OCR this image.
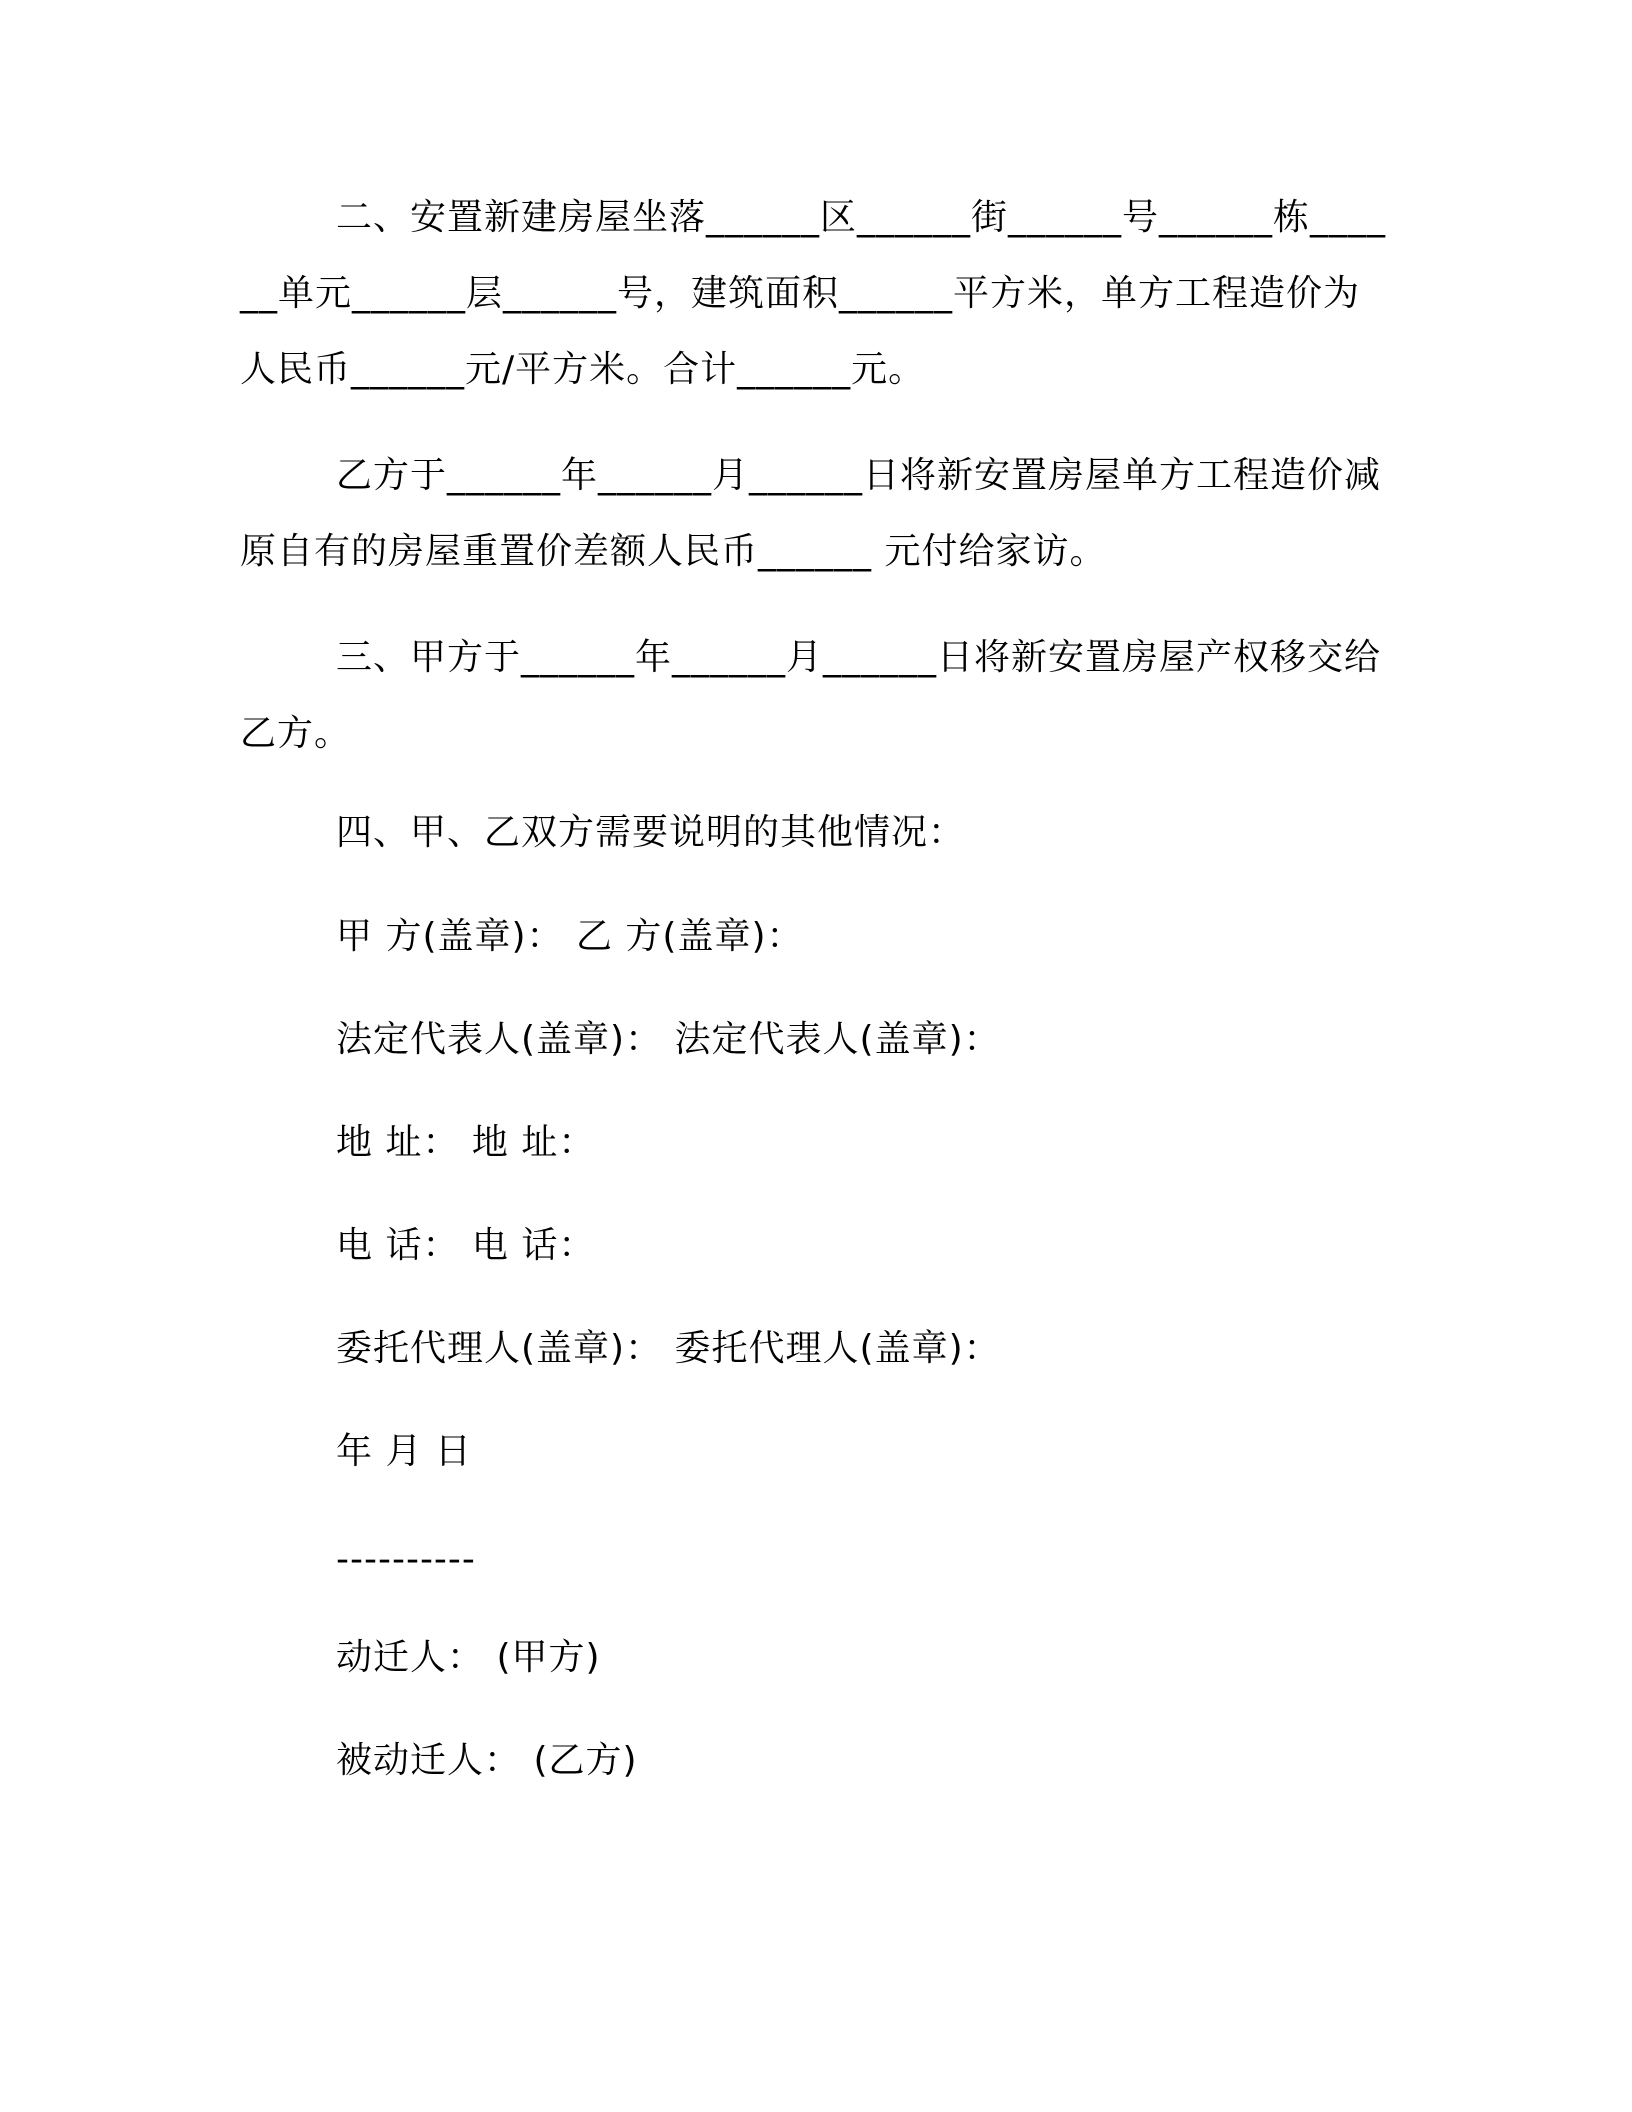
二、安置新建房屋坐落______区______街______号______栋______单元______层______号，建筑面积______平方米，单方工程造价为人民币______元/平方米。合计______元。

乙方于______年______月______日将新安置房屋单方工程造价减原自有的房屋重置价差额人民币______ 元付给家访。

三、甲方于______年______月______日将新安置房屋产权移交给乙方。

四、甲、乙双方需要说明的其他情况：

甲 方(盖章)： 乙 方(盖章)：

法定代表人(盖章)： 法定代表人(盖章)：

地 址： 地 址：

电 话： 电 话：

委托代理人(盖章)： 委托代理人(盖章)：

年 月 日

----------

动迁人： (甲方)

被动迁人： (乙方)
